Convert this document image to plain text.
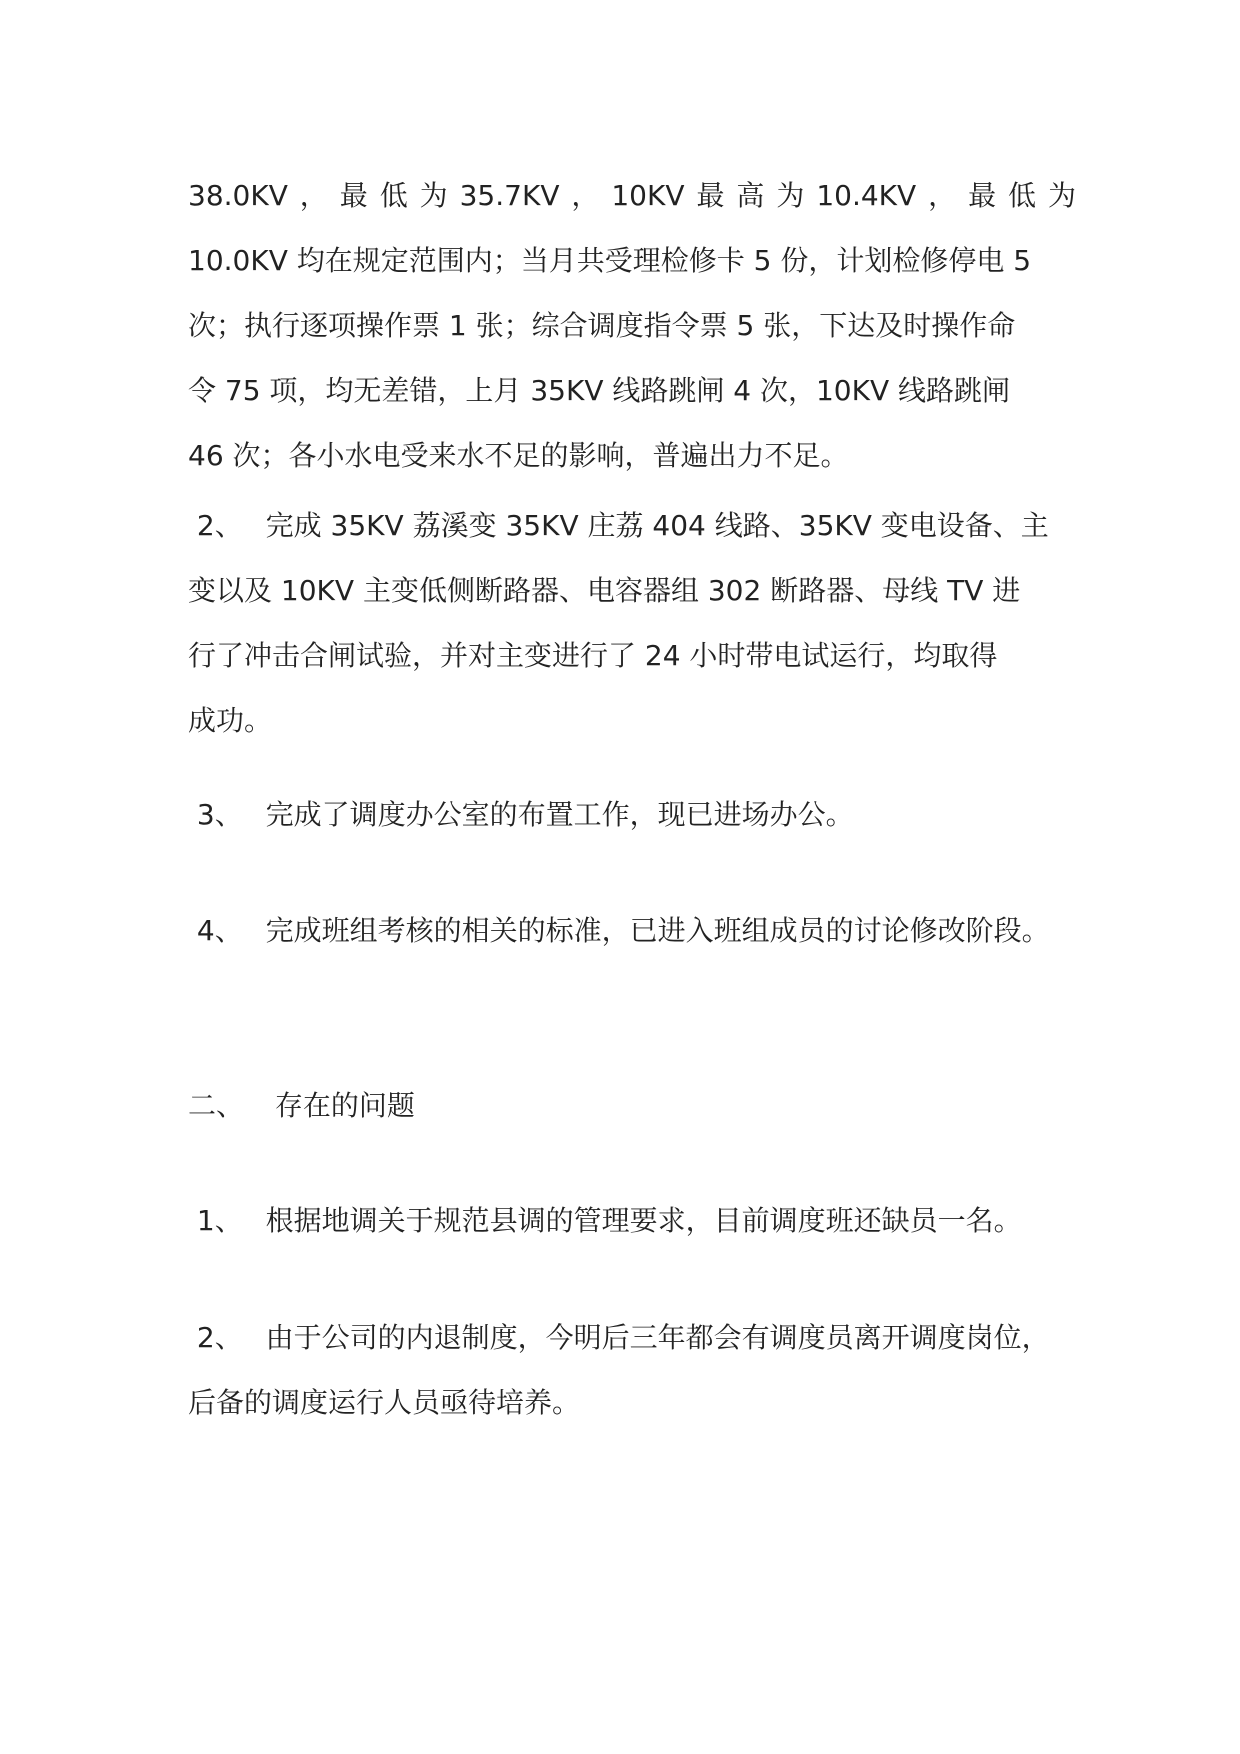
38.0KV ， 最 低 为 35.7KV ， 10KV 最 高 为 10.4KV ， 最 低 为
10.0KV 均在规定范围内；当月共受理检修卡 5 份，计划检修停电 5
次；执行逐项操作票 1 张；综合调度指令票 5 张，下达及时操作命
令 75 项，均无差错，上月 35KV 线路跳闸 4 次，10KV 线路跳闸
46 次；各小水电受来水不足的影响，普遍出力不足。
2、 完成 35KV 荔溪变 35KV 庄荔 404 线路、35KV 变电设备、主
变以及 10KV 主变低侧断路器、电容器组 302 断路器、母线 TV 进
行了冲击合闸试验，并对主变进行了 24 小时带电试运行，均取得
成功。
3、 完成了调度办公室的布置工作，现已进场办公。
4、 完成班组考核的相关的标准，已进入班组成员的讨论修改阶段。
二、 存在的问题
1、 根据地调关于规范县调的管理要求，目前调度班还缺员一名。
2、 由于公司的内退制度，今明后三年都会有调度员离开调度岗位，
后备的调度运行人员亟待培养。
